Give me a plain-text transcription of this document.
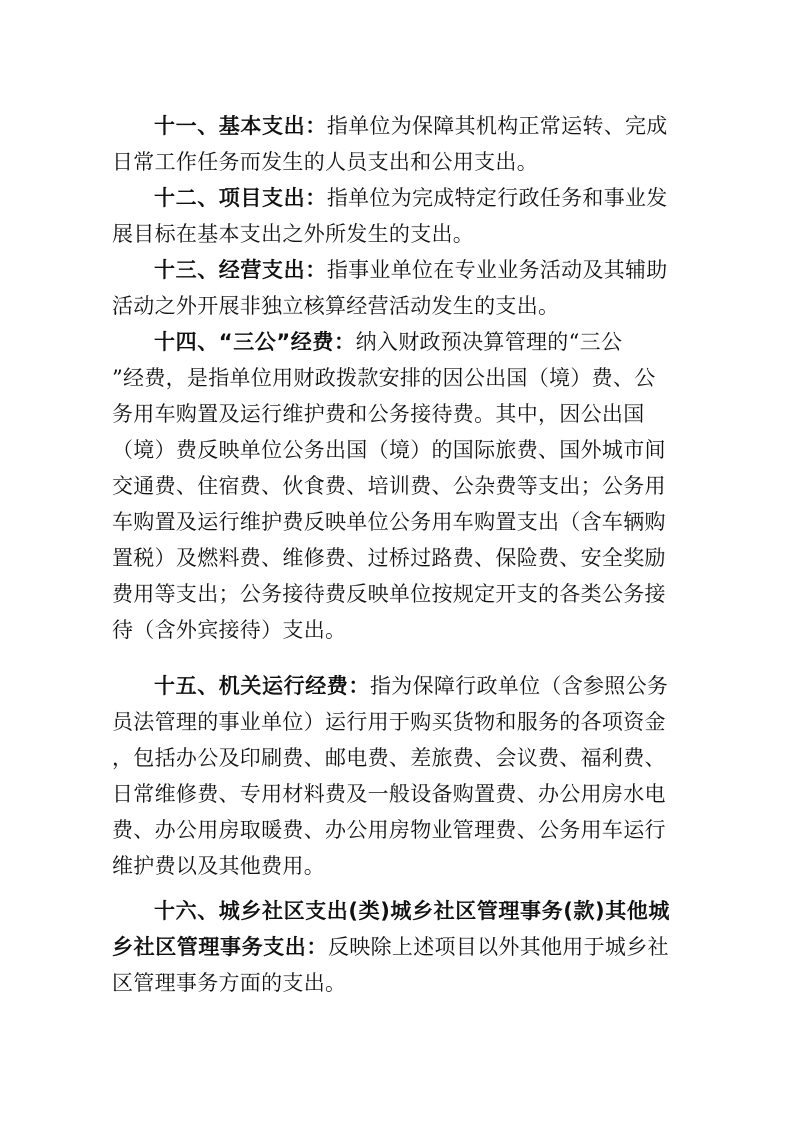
十一、基本支出：指单位为保障其机构正常运转、完成
日常工作任务而发生的人员支出和公用支出。
十二、项目支出：指单位为完成特定行政任务和事业发
展目标在基本支出之外所发生的支出。
十三、经营支出：指事业单位在专业业务活动及其辅助
活动之外开展非独立核算经营活动发生的支出。
十四、“三公”经费：纳入财政预决算管理的“三公
”经费，是指单位用财政拨款安排的因公出国（境）费、公
务用车购置及运行维护费和公务接待费。其中，因公出国
（境）费反映单位公务出国（境）的国际旅费、国外城市间
交通费、住宿费、伙食费、培训费、公杂费等支出；公务用
车购置及运行维护费反映单位公务用车购置支出（含车辆购
置税）及燃料费、维修费、过桥过路费、保险费、安全奖励
费用等支出；公务接待费反映单位按规定开支的各类公务接
待（含外宾接待）支出。
十五、机关运行经费：指为保障行政单位（含参照公务
员法管理的事业单位）运行用于购买货物和服务的各项资金
，包括办公及印刷费、邮电费、差旅费、会议费、福利费、
日常维修费、专用材料费及一般设备购置费、办公用房水电
费、办公用房取暖费、办公用房物业管理费、公务用车运行
维护费以及其他费用。
十六、城乡社区支出(类)城乡社区管理事务(款)其他城
乡社区管理事务支出：反映除上述项目以外其他用于城乡社
区管理事务方面的支出。
